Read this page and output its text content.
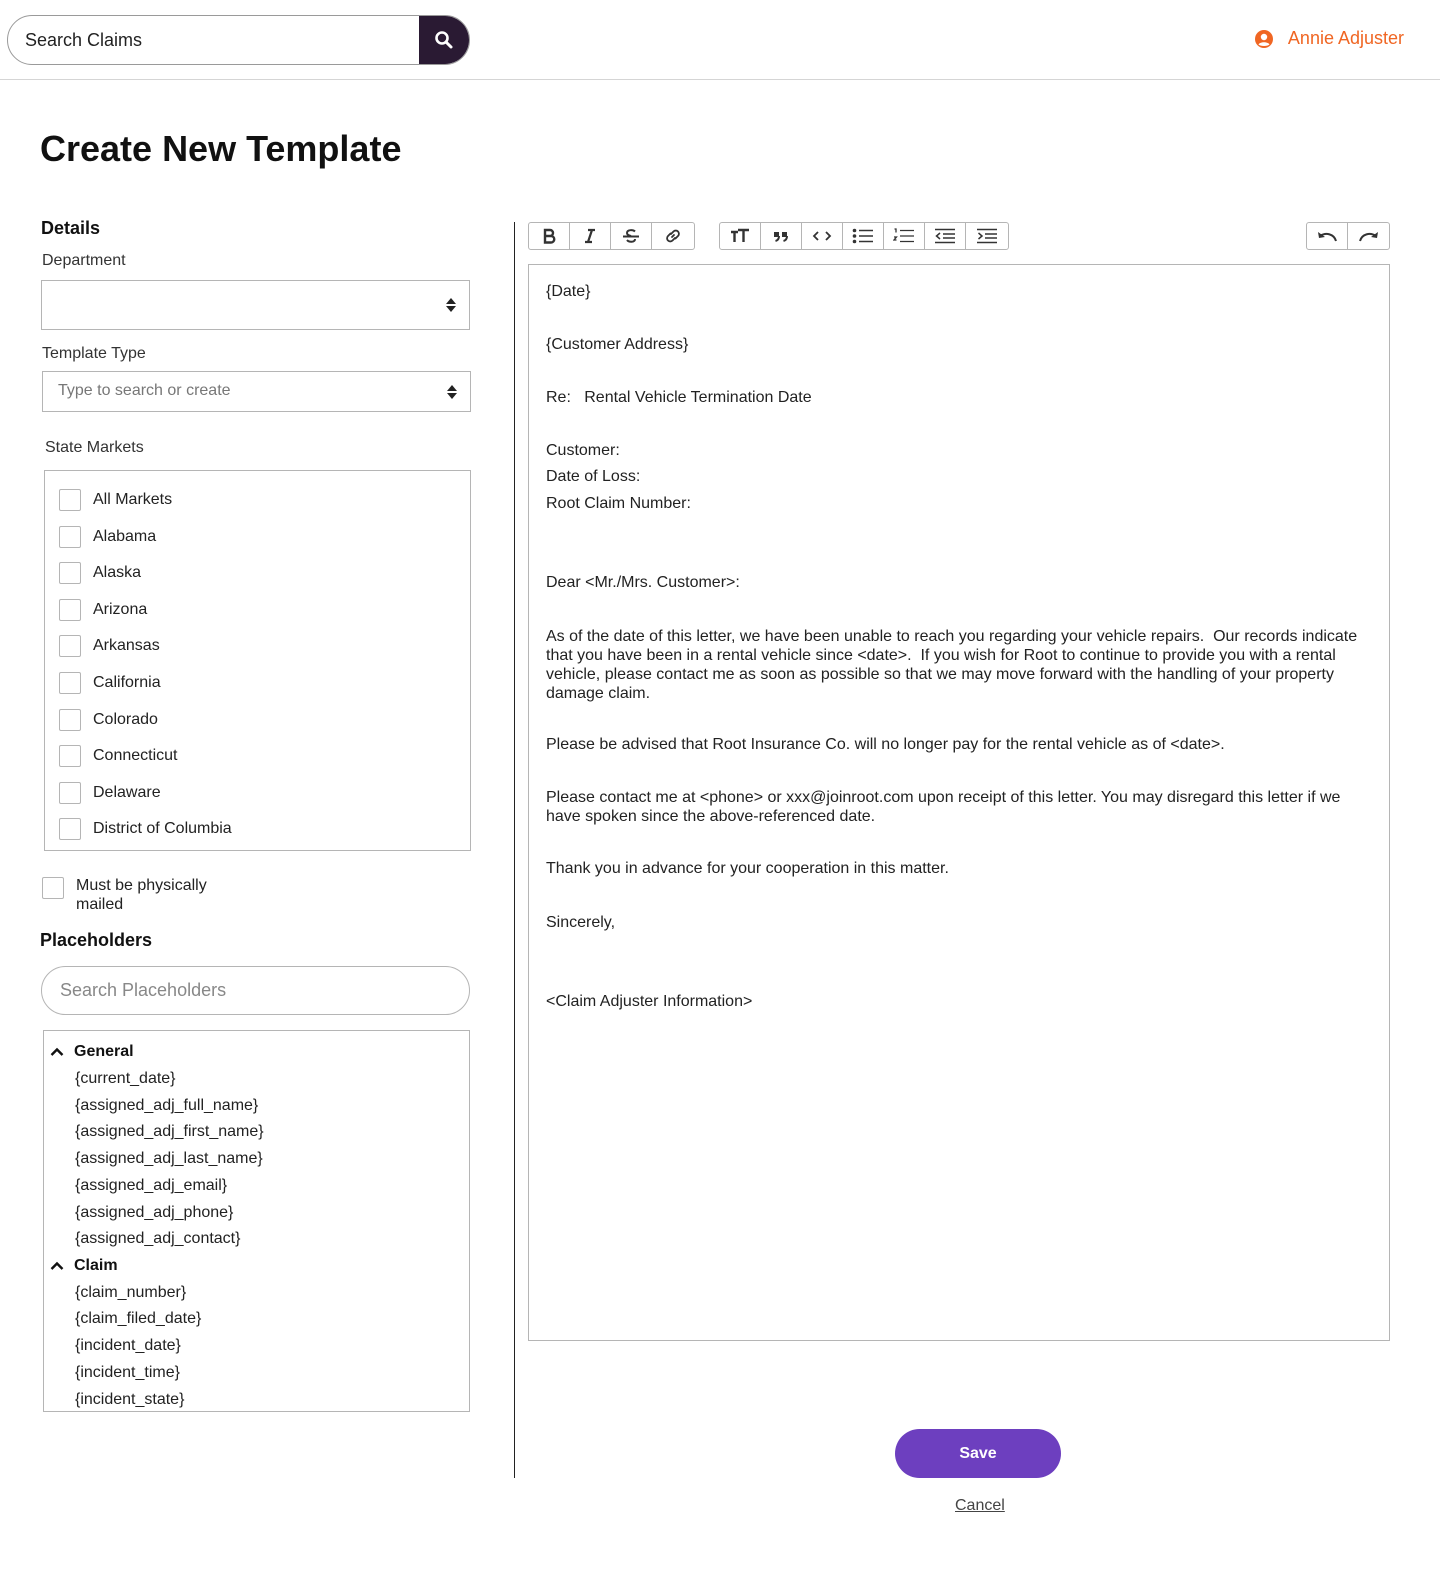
Search Claims
Annie Adjuster
Create New Template
Details
Department
Template Type
Type to search or create
State Markets
All Markets
Alabama
Alaska
Arizona
Arkansas
California
Colorado
Connecticut
Delaware
District of Columbia
Must be physically mailed
Placeholders
Search Placeholders
General
{current_date}
{assigned_adj_full_name}
{assigned_adj_first_name}
{assigned_adj_last_name}
{assigned_adj_email}
{assigned_adj_phone}
{assigned_adj_contact}
Claim
{claim_number}
{claim_filed_date}
{incident_date}
{incident_time}
{incident_state}

{Date}

{Customer Address}

Re:   Rental Vehicle Termination Date

Customer:

Date of Loss:

Root Claim Number:

Dear <Mr./Mrs. Customer>:

As of the date of this letter, we have been unable to reach you regarding your vehicle repairs.  Our records indicate that you have been in a rental vehicle since <date>.  If you wish for Root to continue to provide you with a rental vehicle, please contact me as soon as possible so that we may move forward with the handling of your property damage claim.

Please be advised that Root Insurance Co. will no longer pay for the rental vehicle as of <date>.

Please contact me at <phone> or xxx@joinroot.com upon receipt of this letter. You may disregard this letter if we have spoken since the above-referenced date.

Thank you in advance for your cooperation in this matter.

Sincerely,

<Claim Adjuster Information>

Save
Cancel
